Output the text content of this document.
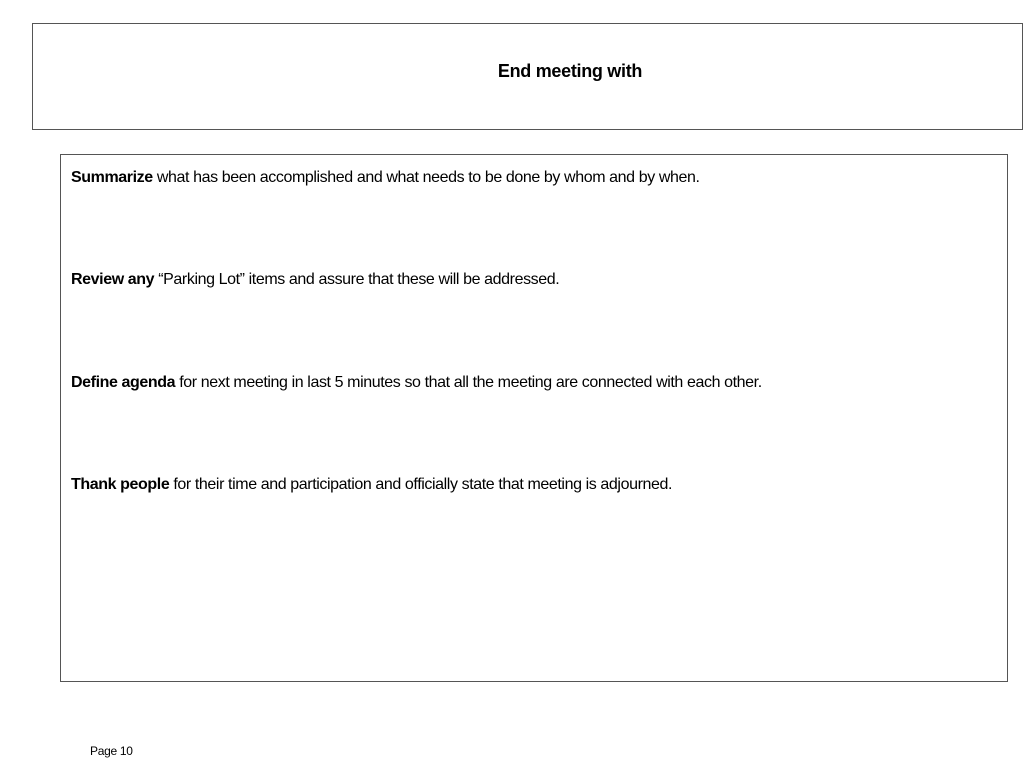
End meeting with

Summarize what has been accomplished and what needs to be done by whom and by when.

Review any “Parking Lot” items and assure that these will be addressed.

Define agenda for next meeting in last 5 minutes so that all the meeting are connected with each other.

Thank people for their time and participation and officially state that meeting is adjourned.

Page 10
